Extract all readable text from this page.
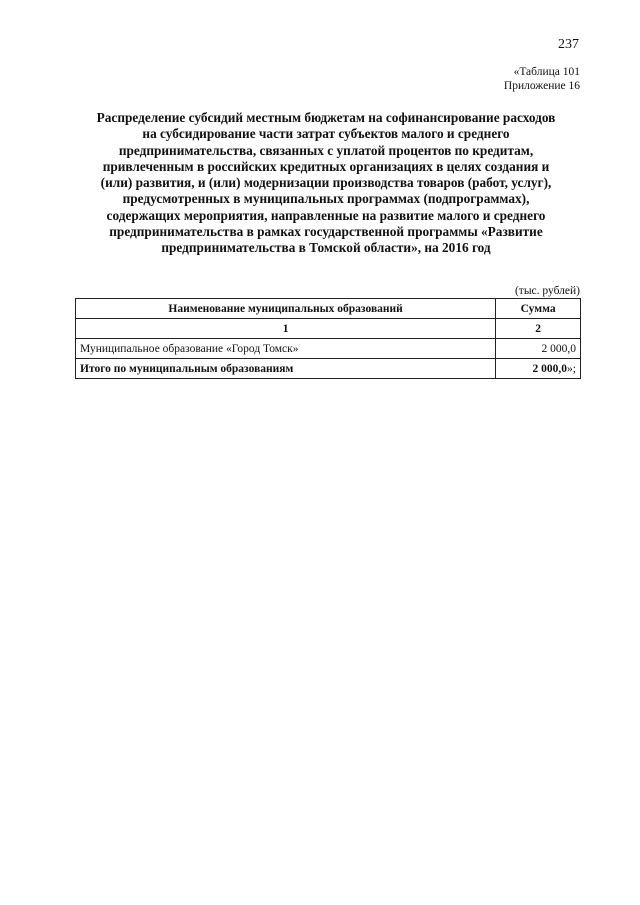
237
«Таблица 101
Приложение 16
Распределение субсидий местным бюджетам на софинансирование расходов
на субсидирование части затрат субъектов малого и среднего
предпринимательства, связанных с уплатой процентов по кредитам,
привлеченным в российских кредитных организациях в целях создания и
(или) развития, и (или) модернизации производства товаров (работ, услуг),
предусмотренных в муниципальных программах (подпрограммах),
содержащих мероприятия, направленные на развитие малого и среднего
предпринимательства в рамках государственной программы «Развитие
предпринимательства в Томской области», на 2016 год
(тыс. рублей)
Наименование муниципальных образований	Сумма
1	2
Муниципальное образование «Город Томск»	2 000,0
Итого по муниципальным образованиям	2 000,0»;
